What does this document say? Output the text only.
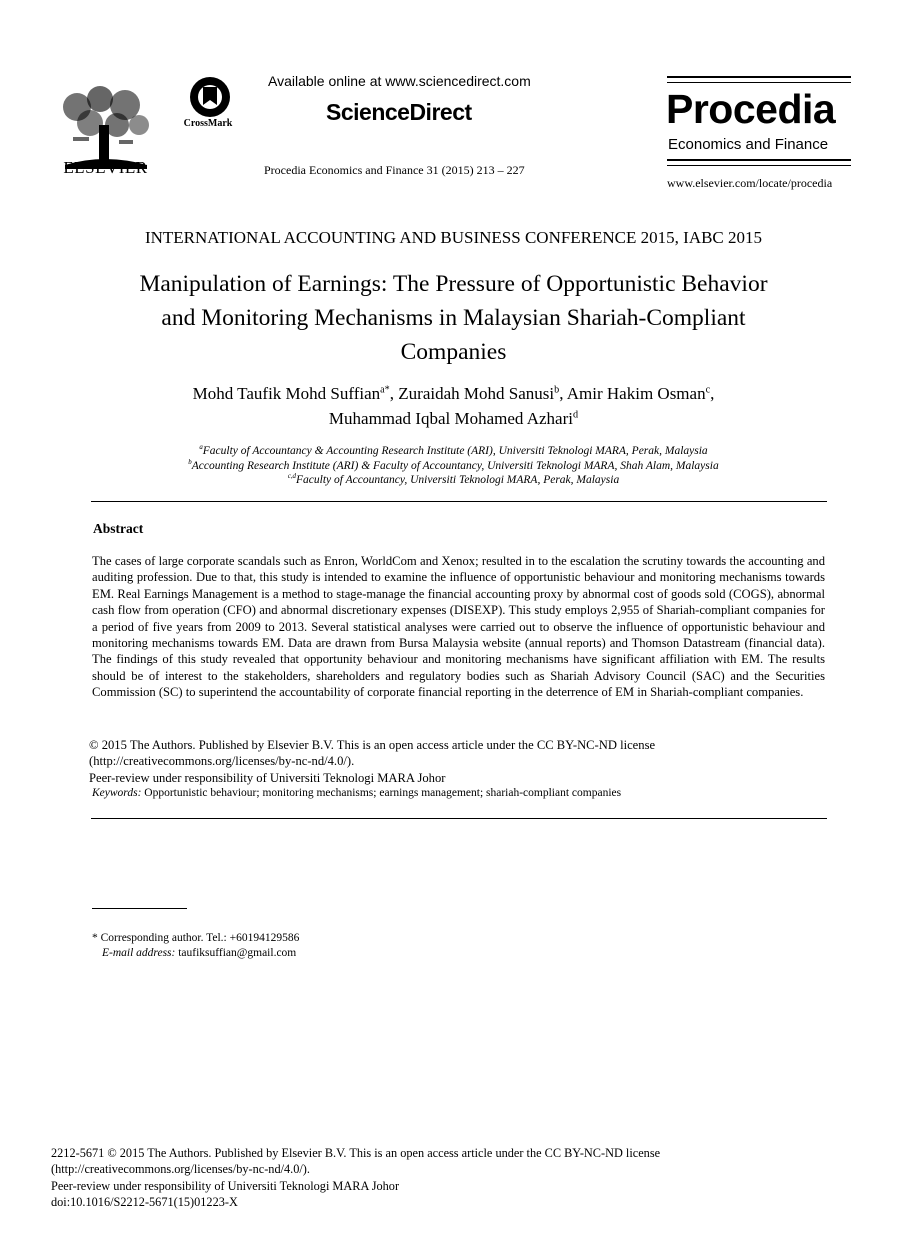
ELSEVIER
CrossMark
Available online at www.sciencedirect.com
ScienceDirect
Procedia Economics and Finance 31 (2015) 213 – 227
Procedia
Economics and Finance
www.elsevier.com/locate/procedia
INTERNATIONAL ACCOUNTING AND BUSINESS CONFERENCE 2015, IABC 2015
Manipulation of Earnings: The Pressure of Opportunistic Behavior
and Monitoring Mechanisms in Malaysian Shariah-Compliant
Companies
Mohd Taufik Mohd Suffian$^{a*}$, Zuraidah Mohd Sanusi$^b$, Amir Hakim Osman$^c$,
Muhammad Iqbal Mohamed Azhari$^d$
$^a$Faculty of Accountancy & Accounting Research Institute (ARI), Universiti Teknologi MARA, Perak, Malaysia
$^b$Accounting Research Institute (ARI) & Faculty of Accountancy, Universiti Teknologi MARA, Shah Alam, Malaysia
$^{c,d}$Faculty of Accountancy, Universiti Teknologi MARA, Perak, Malaysia
Abstract
The cases of large corporate scandals such as Enron, WorldCom and Xenox; resulted in to the escalation the scrutiny towards the accounting and auditing profession. Due to that, this study is intended to examine the influence of opportunistic behaviour and monitoring mechanisms towards EM. Real Earnings Management is a method to stage-manage the financial accounting proxy by abnormal cost of goods sold (COGS), abnormal cash flow from operation (CFO) and abnormal discretionary expenses (DISEXP). This study employs 2,955 of Shariah-compliant companies for a period of five years from 2009 to 2013. Several statistical analyses were carried out to observe the influence of opportunistic behaviour and monitoring mechanisms towards EM. Data are drawn from Bursa Malaysia website (annual reports) and Thomson Datastream (financial data). The findings of this study revealed that opportunity behaviour and monitoring mechanisms have significant affiliation with EM. The results should be of interest to the stakeholders, shareholders and regulatory bodies such as Shariah Advisory Council (SAC) and the Securities Commission (SC) to superintend the accountability of corporate financial reporting in the deterrence of EM in Shariah-compliant companies.
© 2015 The Authors. Published by Elsevier B.V. This is an open access article under the CC BY-NC-ND license
(http://creativecommons.org/licenses/by-nc-nd/4.0/).
Peer-review under responsibility of Universiti Teknologi MARA Johor
Keywords: Opportunistic behaviour; monitoring mechanisms; earnings management; shariah-compliant companies
* Corresponding author. Tel.: +60194129586
E-mail address: taufiksuffian@gmail.com
2212-5671 © 2015 The Authors. Published by Elsevier B.V. This is an open access article under the CC BY-NC-ND license
(http://creativecommons.org/licenses/by-nc-nd/4.0/).
Peer-review under responsibility of Universiti Teknologi MARA Johor
doi:10.1016/S2212-5671(15)01223-X
